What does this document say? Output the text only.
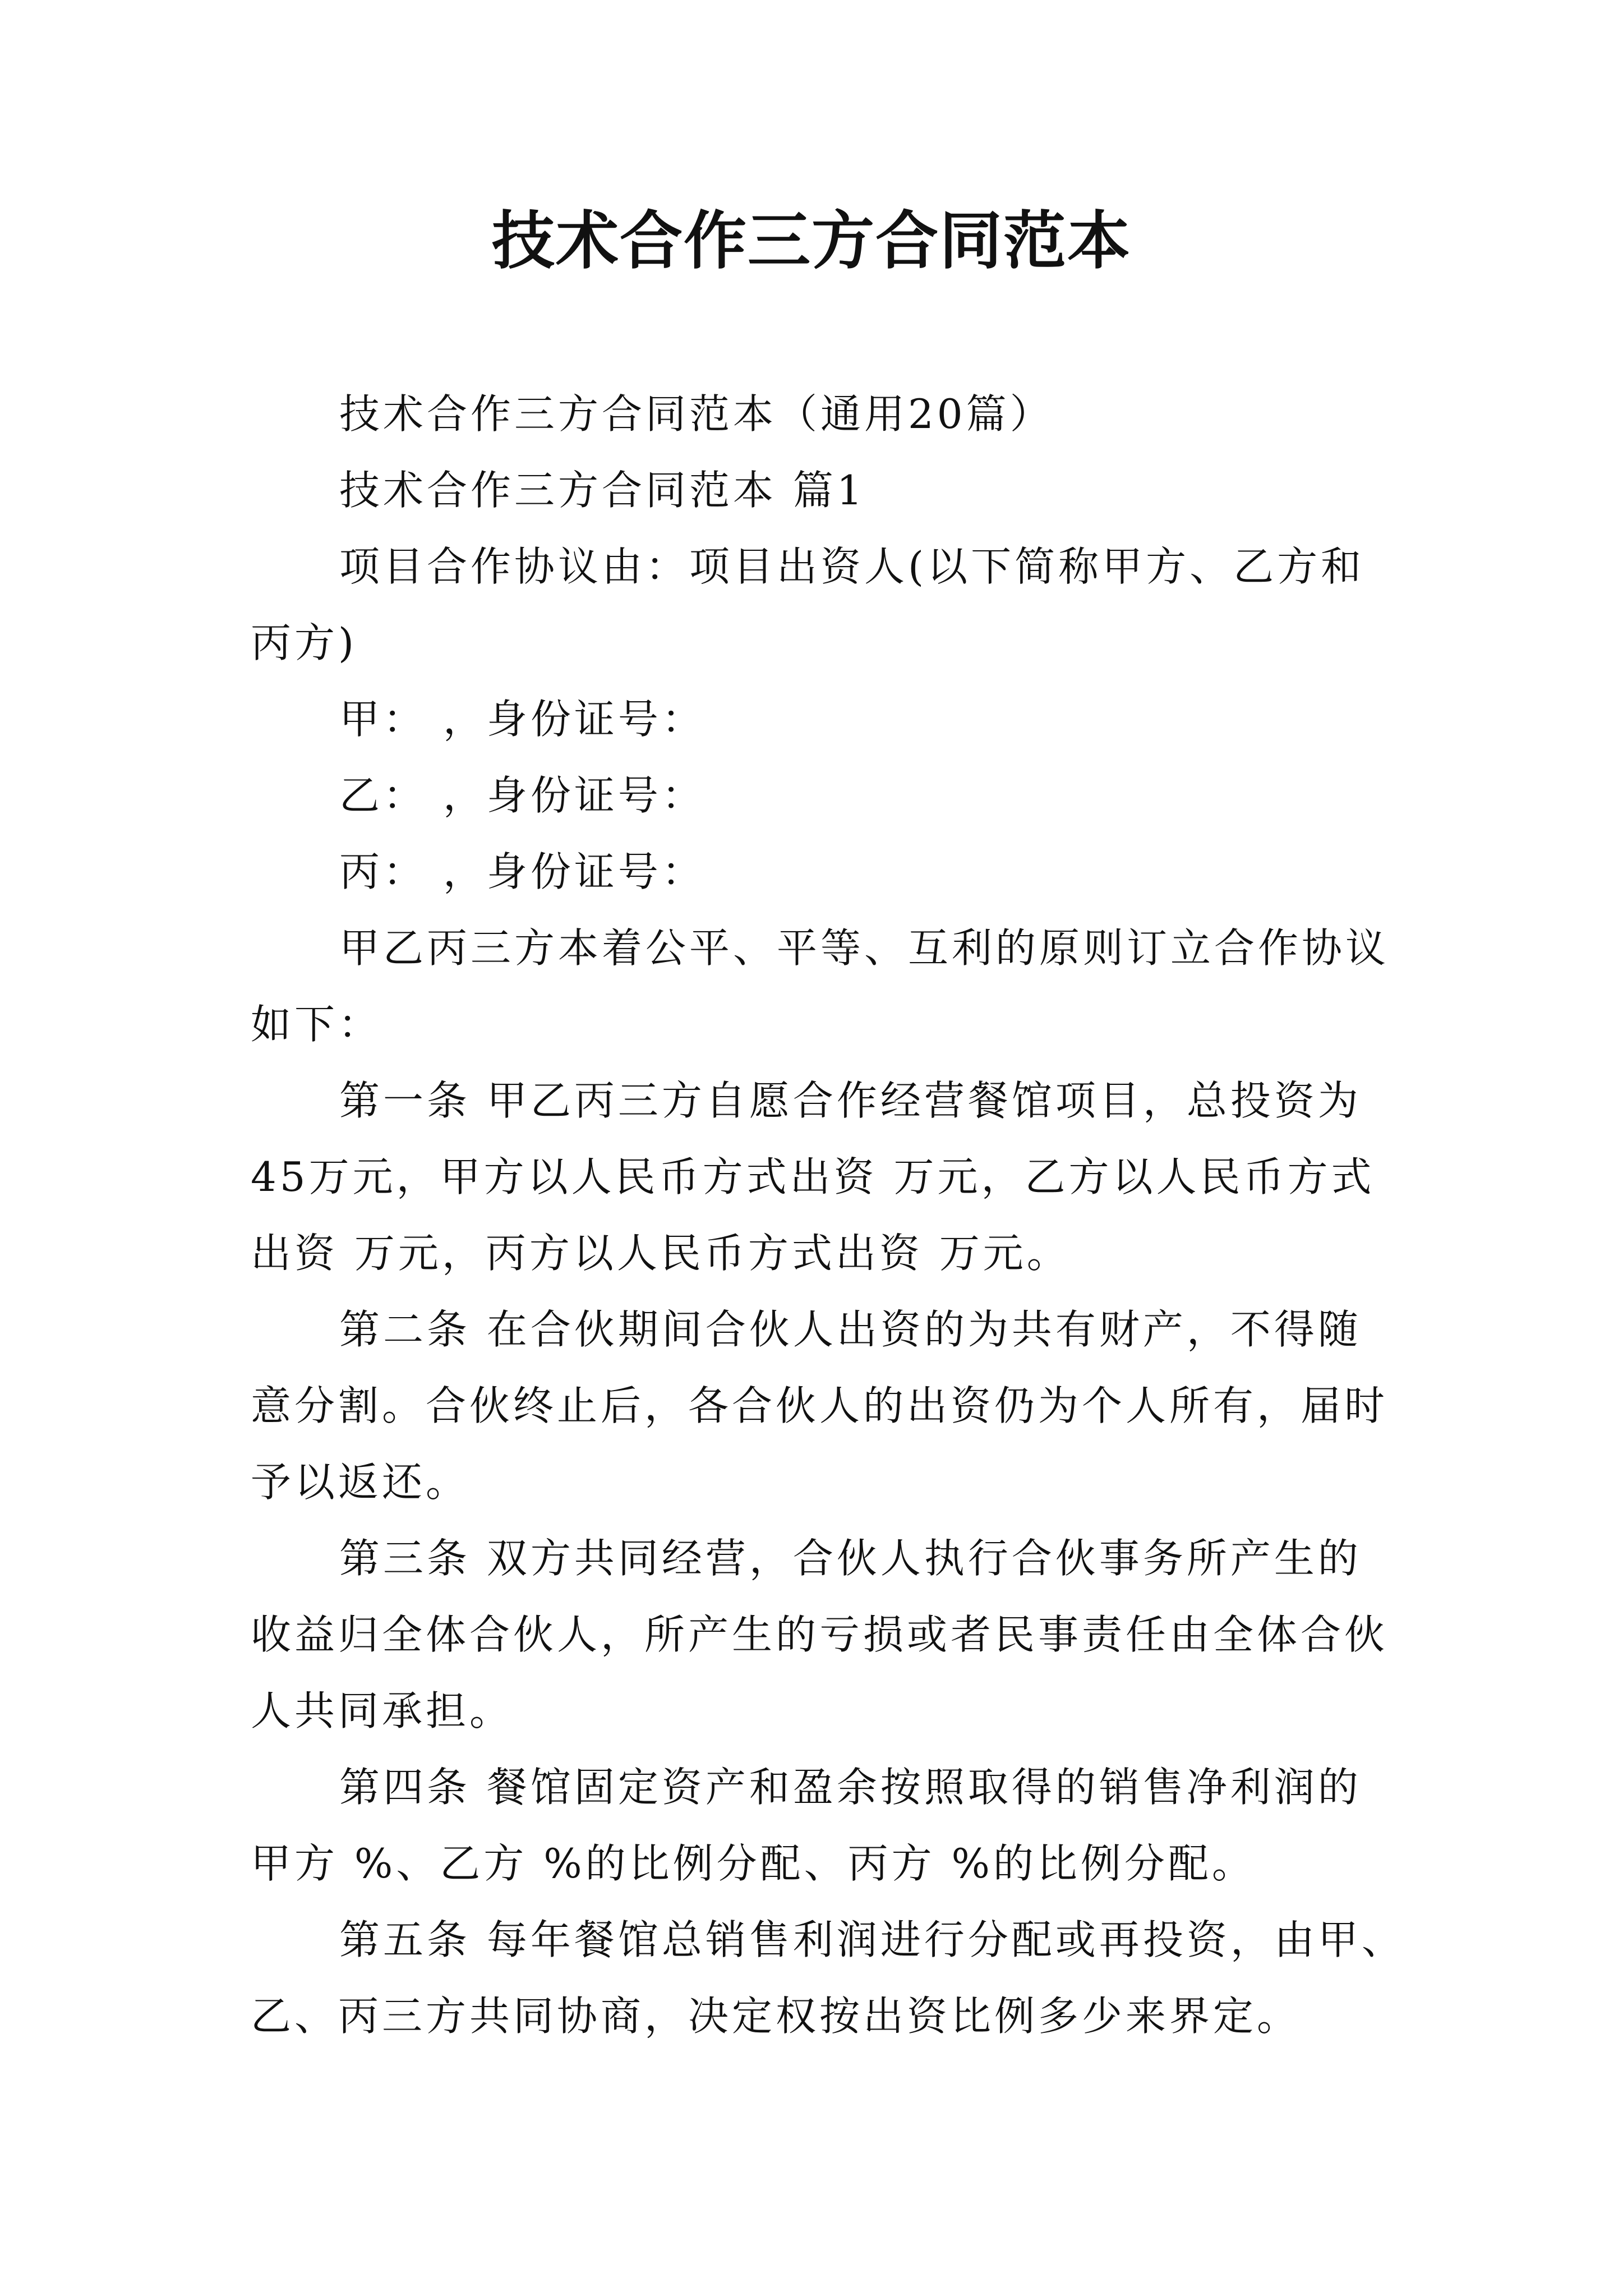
技术合作三方合同范本

技术合作三方合同范本（通用20篇）

技术合作三方合同范本 篇1

项目合作协议由：项目出资人(以下简称甲方、乙方和
丙方)

甲： ，身份证号：

乙： ，身份证号：

丙： ，身份证号：

甲乙丙三方本着公平、平等、互利的原则订立合作协议
如下：

第一条 甲乙丙三方自愿合作经营餐馆项目，总投资为
45万元，甲方以人民币方式出资 万元，乙方以人民币方式
出资 万元，丙方以人民币方式出资 万元。

第二条 在合伙期间合伙人出资的为共有财产，不得随
意分割。合伙终止后，各合伙人的出资仍为个人所有，届时
予以返还。

第三条 双方共同经营，合伙人执行合伙事务所产生的
收益归全体合伙人，所产生的亏损或者民事责任由全体合伙
人共同承担。

第四条 餐馆固定资产和盈余按照取得的销售净利润的
甲方 %、乙方 %的比例分配、丙方 %的比例分配。

第五条 每年餐馆总销售利润进行分配或再投资，由甲、
乙、丙三方共同协商，决定权按出资比例多少来界定。
